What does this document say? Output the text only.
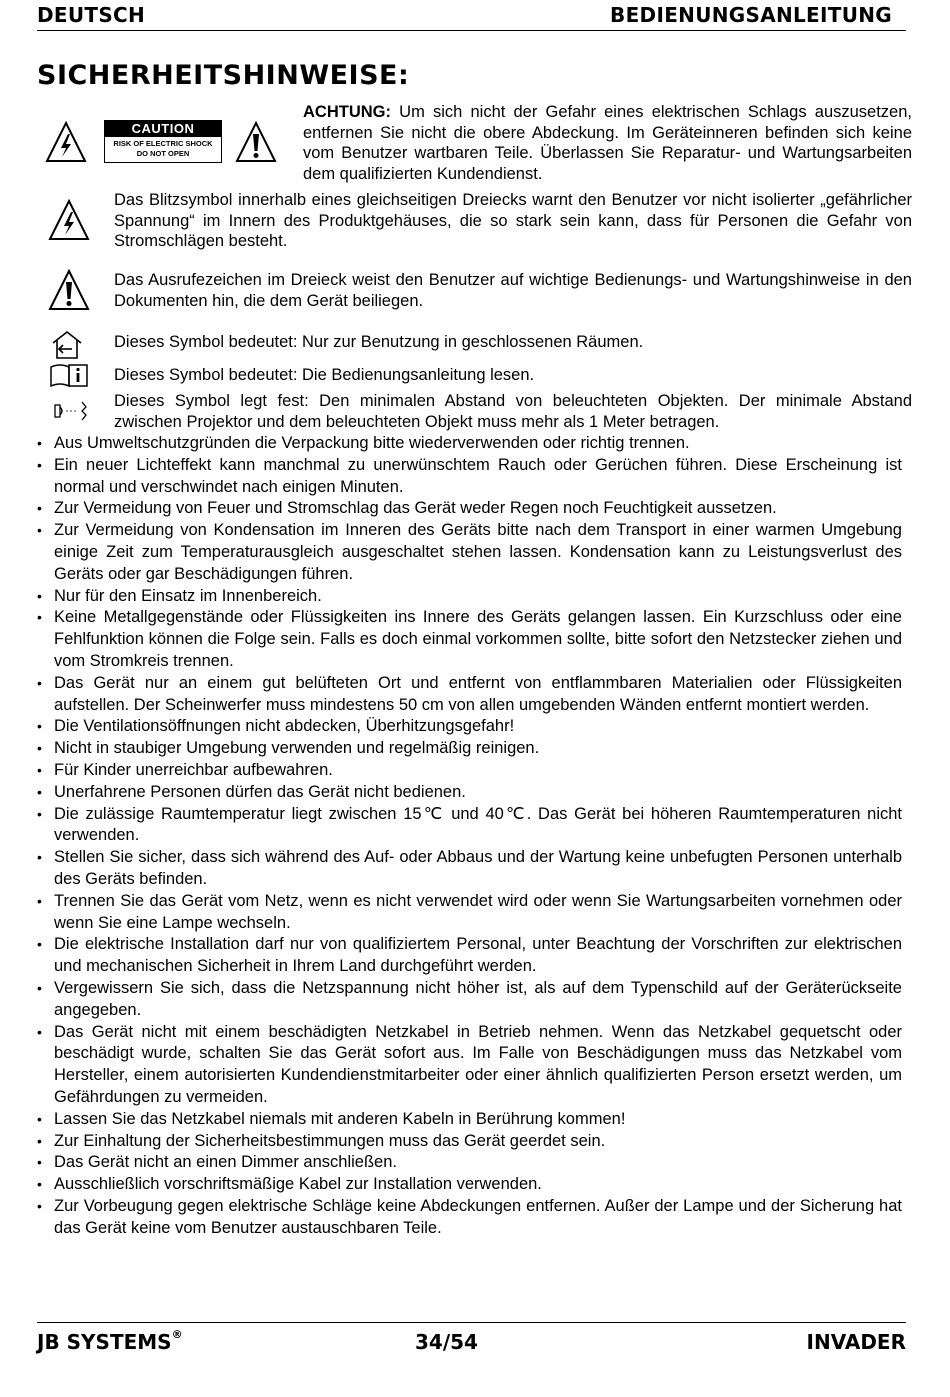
DEUTSCH	BEDIENUNGSANLEITUNG
SICHERHEITSHINWEISE:
CAUTION
RISK OF ELECTRIC SHOCK
DO NOT OPEN
ACHTUNG: Um sich nicht der Gefahr eines elektrischen Schlags auszusetzen, entfernen Sie nicht die obere Abdeckung. Im Geräteinneren befinden sich keine vom Benutzer wartbaren Teile. Überlassen Sie Reparatur- und Wartungsarbeiten dem qualifizierten Kundendienst.
Das Blitzsymbol innerhalb eines gleichseitigen Dreiecks warnt den Benutzer vor nicht isolierter „gefährlicher Spannung“ im Innern des Produktgehäuses, die so stark sein kann, dass für Personen die Gefahr von Stromschlägen besteht.
Das Ausrufezeichen im Dreieck weist den Benutzer auf wichtige Bedienungs- und Wartungshinweise in den Dokumenten hin, die dem Gerät beiliegen.
Dieses Symbol bedeutet: Nur zur Benutzung in geschlossenen Räumen.
Dieses Symbol bedeutet: Die Bedienungsanleitung lesen.
Dieses Symbol legt fest: Den minimalen Abstand von beleuchteten Objekten. Der minimale Abstand zwischen Projektor und dem beleuchteten Objekt muss mehr als 1 Meter betragen.
• Aus Umweltschutzgründen die Verpackung bitte wiederverwenden oder richtig trennen.
• Ein neuer Lichteffekt kann manchmal zu unerwünschtem Rauch oder Gerüchen führen. Diese Erscheinung ist normal und verschwindet nach einigen Minuten.
• Zur Vermeidung von Feuer und Stromschlag das Gerät weder Regen noch Feuchtigkeit aussetzen.
• Zur Vermeidung von Kondensation im Inneren des Geräts bitte nach dem Transport in einer warmen Umgebung einige Zeit zum Temperaturausgleich ausgeschaltet stehen lassen. Kondensation kann zu Leistungsverlust des Geräts oder gar Beschädigungen führen.
• Nur für den Einsatz im Innenbereich.
• Keine Metallgegenstände oder Flüssigkeiten ins Innere des Geräts gelangen lassen. Ein Kurzschluss oder eine Fehlfunktion können die Folge sein. Falls es doch einmal vorkommen sollte, bitte sofort den Netzstecker ziehen und vom Stromkreis trennen.
• Das Gerät nur an einem gut belüfteten Ort und entfernt von entflammbaren Materialien oder Flüssigkeiten aufstellen. Der Scheinwerfer muss mindestens 50 cm von allen umgebenden Wänden entfernt montiert werden.
• Die Ventilationsöffnungen nicht abdecken, Überhitzungsgefahr!
• Nicht in staubiger Umgebung verwenden und regelmäßig reinigen.
• Für Kinder unerreichbar aufbewahren.
• Unerfahrene Personen dürfen das Gerät nicht bedienen.
• Die zulässige Raumtemperatur liegt zwischen 15℃ und 40℃. Das Gerät bei höheren Raumtemperaturen nicht verwenden.
• Stellen Sie sicher, dass sich während des Auf- oder Abbaus und der Wartung keine unbefugten Personen unterhalb des Geräts befinden.
• Trennen Sie das Gerät vom Netz, wenn es nicht verwendet wird oder wenn Sie Wartungsarbeiten vornehmen oder wenn Sie eine Lampe wechseln.
• Die elektrische Installation darf nur von qualifiziertem Personal, unter Beachtung der Vorschriften zur elektrischen und mechanischen Sicherheit in Ihrem Land durchgeführt werden.
• Vergewissern Sie sich, dass die Netzspannung nicht höher ist, als auf dem Typenschild auf der Geräterückseite angegeben.
• Das Gerät nicht mit einem beschädigten Netzkabel in Betrieb nehmen. Wenn das Netzkabel gequetscht oder beschädigt wurde, schalten Sie das Gerät sofort aus. Im Falle von Beschädigungen muss das Netzkabel vom Hersteller, einem autorisierten Kundendienstmitarbeiter oder einer ähnlich qualifizierten Person ersetzt werden, um Gefährdungen zu vermeiden.
• Lassen Sie das Netzkabel niemals mit anderen Kabeln in Berührung kommen!
• Zur Einhaltung der Sicherheitsbestimmungen muss das Gerät geerdet sein.
• Das Gerät nicht an einen Dimmer anschließen.
• Ausschließlich vorschriftsmäßige Kabel zur Installation verwenden.
• Zur Vorbeugung gegen elektrische Schläge keine Abdeckungen entfernen. Außer der Lampe und der Sicherung hat das Gerät keine vom Benutzer austauschbaren Teile.
JB SYSTEMS®	34/54	INVADER
